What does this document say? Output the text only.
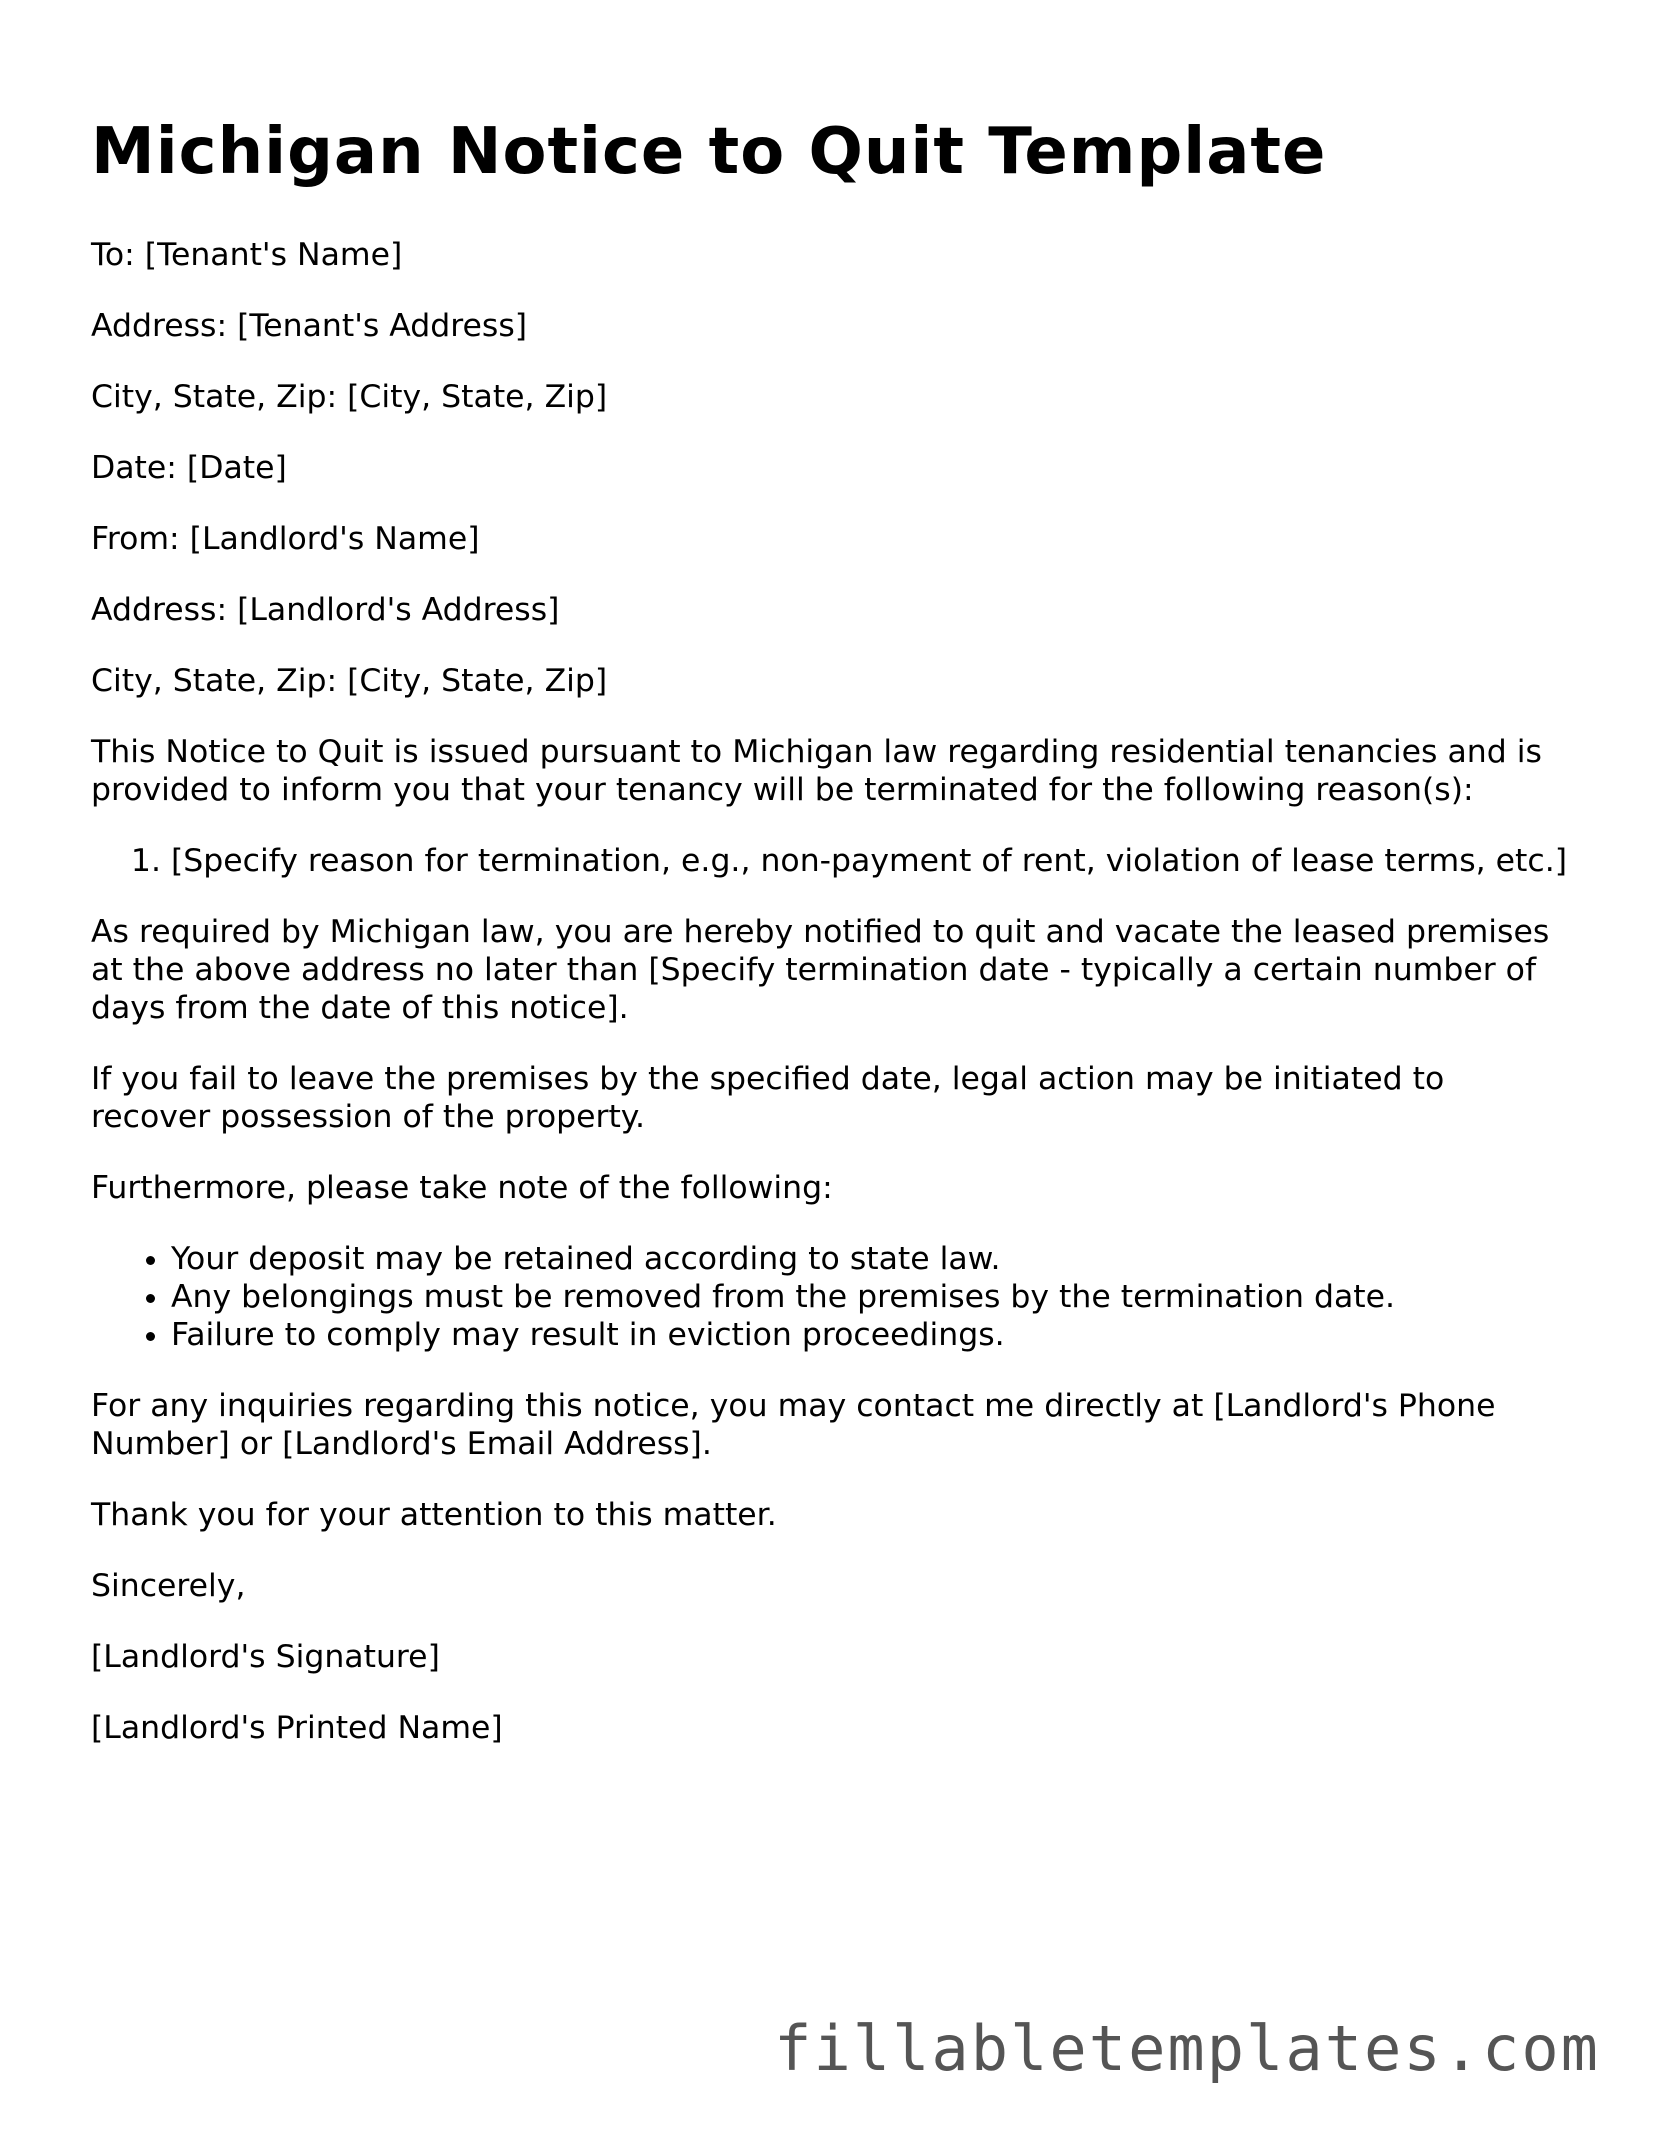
Michigan Notice to Quit Template

To: [Tenant's Name]

Address: [Tenant's Address]

City, State, Zip: [City, State, Zip]

Date: [Date]

From: [Landlord's Name]

Address: [Landlord's Address]

City, State, Zip: [City, State, Zip]

This Notice to Quit is issued pursuant to Michigan law regarding residential tenancies and is provided to inform you that your tenancy will be terminated for the following reason(s):

1. [Specify reason for termination, e.g., non-payment of rent, violation of lease terms, etc.]

As required by Michigan law, you are hereby notified to quit and vacate the leased premises at the above address no later than [Specify termination date - typically a certain number of days from the date of this notice].

If you fail to leave the premises by the specified date, legal action may be initiated to recover possession of the property.

Furthermore, please take note of the following:

• Your deposit may be retained according to state law.
• Any belongings must be removed from the premises by the termination date.
• Failure to comply may result in eviction proceedings.

For any inquiries regarding this notice, you may contact me directly at [Landlord's Phone Number] or [Landlord's Email Address].

Thank you for your attention to this matter.

Sincerely,

[Landlord's Signature]

[Landlord's Printed Name]

fillabletemplates.com
